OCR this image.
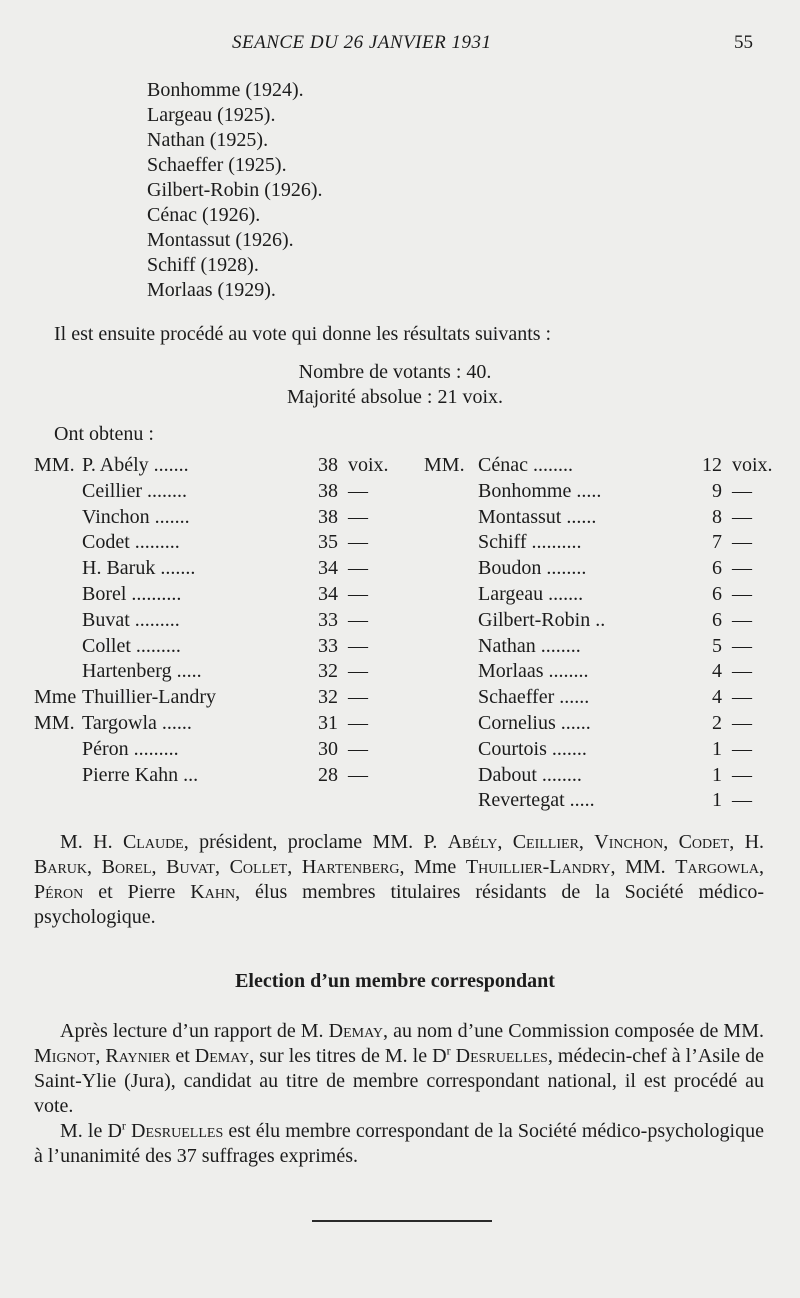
SEANCE DU 26 JANVIER 1931	55
Bonhomme (1924).
Largeau (1925).
Nathan (1925).
Schaeffer (1925).
Gilbert-Robin (1926).
Cénac (1926).
Montassut (1926).
Schiff (1928).
Morlaas (1929).
Il est ensuite procédé au vote qui donne les résultats suivants :
Nombre de votants : 40.
Majorité absolue : 21 voix.
Ont obtenu :
MM. P. Abély .......	38 voix.
Ceillier ........	38 —
Vinchon .......	38 —
Codet .........	35 —
H. Baruk .......	34 —
Borel ..........	34 —
Buvat .........	33 —
Collet .........	33 —
Hartenberg .....	32 —
Mme Thuillier-Landry	32 —
MM. Targowla ......	31 —
Péron .........	30 —
Pierre Kahn ...	28 —
MM. Cénac ........	12 voix.
Bonhomme .....	9 —
Montassut ......	8 —
Schiff ..........	7 —
Boudon ........	6 —
Largeau .......	6 —
Gilbert-Robin ..	6 —
Nathan ........	5 —
Morlaas ........	4 —
Schaeffer ......	4 —
Cornelius ......	2 —
Courtois .......	1 —
Dabout ........	1 —
Revertegat .....	1 —

M. H. Claude, président, proclame MM. P. Abély, Ceillier, Vinchon, Codet, H. Baruk, Borel, Buvat, Collet, Hartenberg, Mme Thuillier-Landry, MM. Targowla, Péron et Pierre Kahn, élus membres titulaires résidants de la Société médico-psychologique.

Election d’un membre correspondant

Après lecture d’un rapport de M. Demay, au nom d’une Commission composée de MM. Mignot, Raynier et Demay, sur les titres de M. le $D^r$ Desruelles, médecin-chef à l’Asile de Saint-Ylie (Jura), candidat au titre de membre correspondant national, il est procédé au vote.

M. le $D^r$ Desruelles est élu membre correspondant de la Société médico-psychologique à l’unanimité des 37 suffrages exprimés.
